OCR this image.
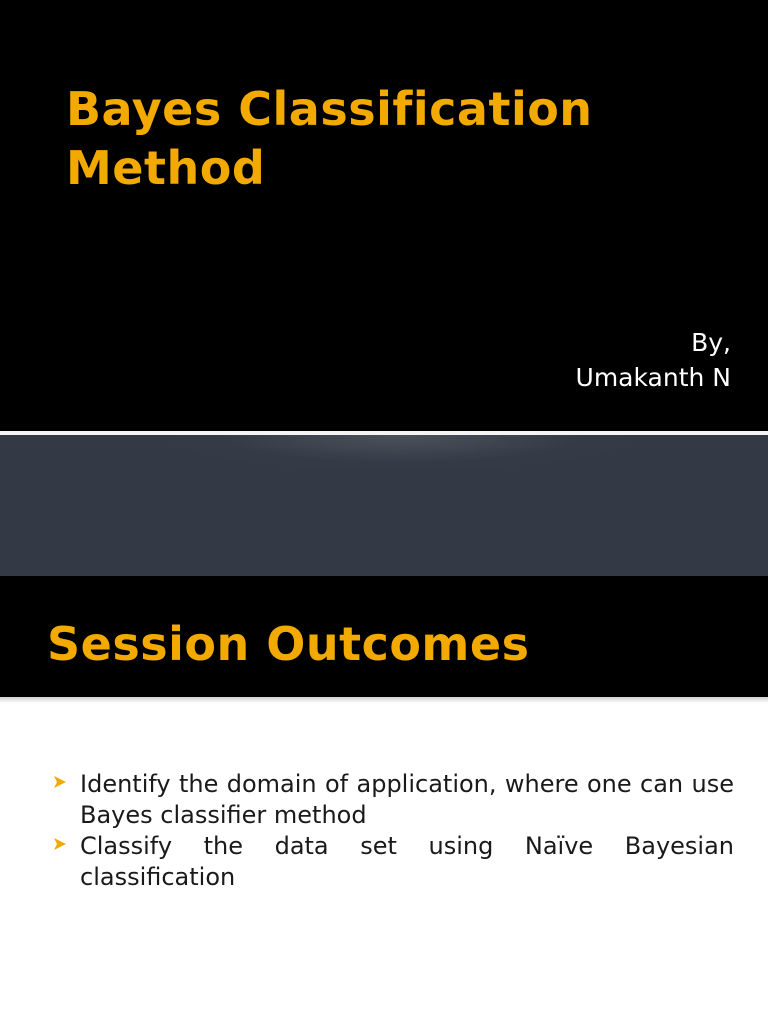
Bayes Classification
Method
By,
Umakanth N
Session Outcomes
Identify the domain of application, where one can use Bayes classifier method
Classify the data set using Naïve Bayesian classification
